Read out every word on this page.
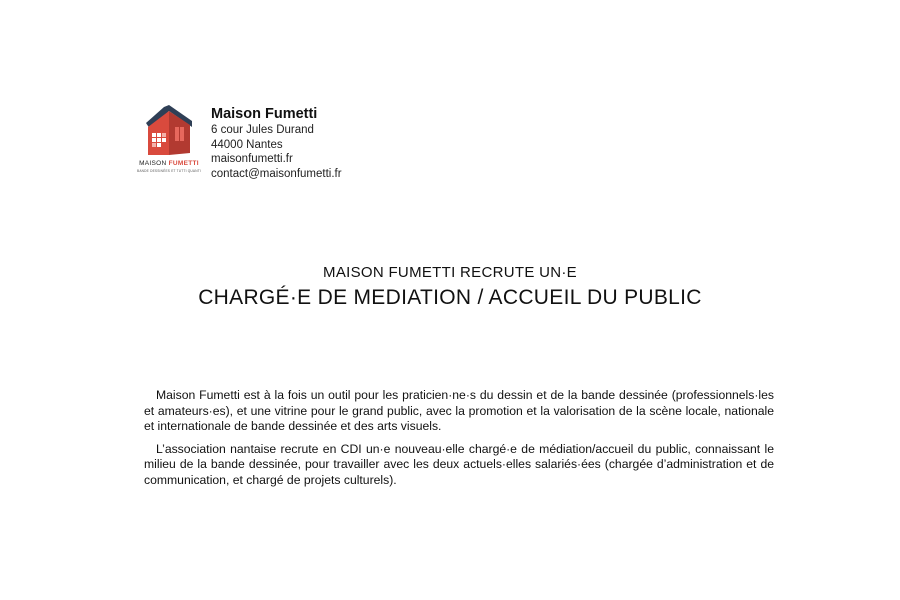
MAISON FUMETTI
BANDE DESSINÉES ET TUTTI QUANTI
Maison Fumetti
6 cour Jules Durand
44000 Nantes
maisonfumetti.fr
contact@maisonfumetti.fr
MAISON FUMETTI RECRUTE UN·E
CHARGÉ·E DE MEDIATION / ACCUEIL DU PUBLIC

Maison Fumetti est à la fois un outil pour les praticien·ne·s du dessin et de la bande dessinée (professionnels·les et amateurs·es), et une vitrine pour le grand public, avec la promotion et la valorisation de la scène locale, nationale et internationale de bande dessinée et des arts visuels.

L’association nantaise recrute en CDI un·e nouveau·elle chargé·e de médiation/accueil du public, connaissant le milieu de la bande dessinée, pour travailler avec les deux actuels·elles salariés·ées (chargée d’administration et de communication, et chargé de projets culturels).
